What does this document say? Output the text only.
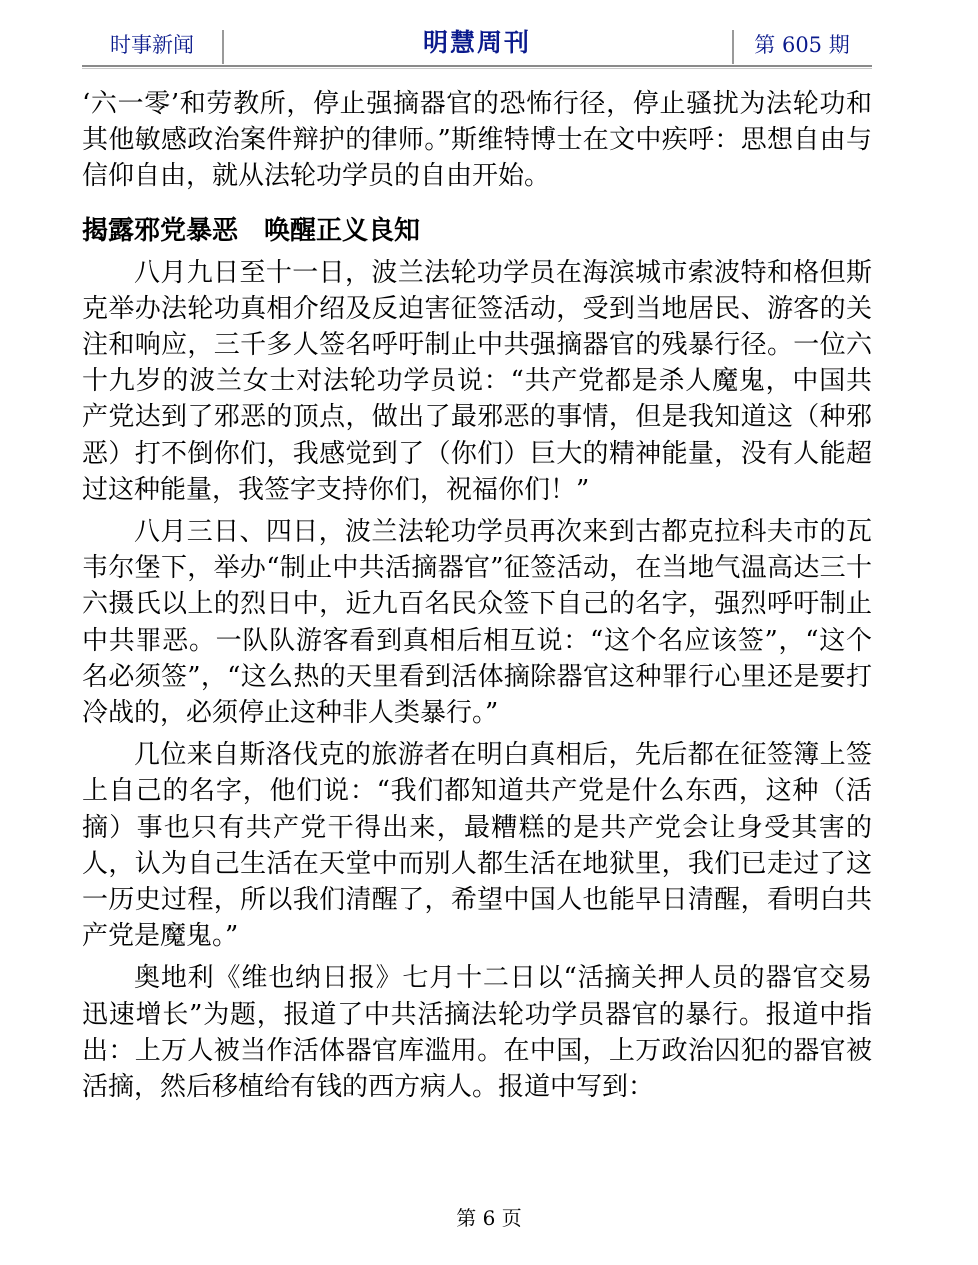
时事新闻	明慧周刊	第 605 期

‘六一零’和劳教所，停止强摘器官的恐怖行径，停止骚扰为法轮功和其他敏感政治案件辩护的律师。”斯维特博士在文中疾呼：思想自由与信仰自由，就从法轮功学员的自由开始。

揭露邪党暴恶　唤醒正义良知

八月九日至十一日，波兰法轮功学员在海滨城市索波特和格但斯克举办法轮功真相介绍及反迫害征签活动，受到当地居民、游客的关注和响应，三千多人签名呼吁制止中共强摘器官的残暴行径。一位六十九岁的波兰女士对法轮功学员说：“共产党都是杀人魔鬼，中国共产党达到了邪恶的顶点，做出了最邪恶的事情，但是我知道这（种邪恶）打不倒你们，我感觉到了（你们）巨大的精神能量，没有人能超过这种能量，我签字支持你们，祝福你们！”

八月三日、四日，波兰法轮功学员再次来到古都克拉科夫市的瓦韦尔堡下，举办“制止中共活摘器官”征签活动，在当地气温高达三十六摄氏以上的烈日中，近九百名民众签下自己的名字，强烈呼吁制止中共罪恶。一队队游客看到真相后相互说：“这个名应该签”，“这个名必须签”，“这么热的天里看到活体摘除器官这种罪行心里还是要打冷战的，必须停止这种非人类暴行。”

几位来自斯洛伐克的旅游者在明白真相后，先后都在征签簿上签上自己的名字，他们说：“我们都知道共产党是什么东西，这种（活摘）事也只有共产党干得出来，最糟糕的是共产党会让身受其害的人，认为自己生活在天堂中而别人都生活在地狱里，我们已走过了这一历史过程，所以我们清醒了，希望中国人也能早日清醒，看明白共产党是魔鬼。”

奥地利《维也纳日报》七月十二日以“活摘关押人员的器官交易迅速增长”为题，报道了中共活摘法轮功学员器官的暴行。报道中指出：上万人被当作活体器官库滥用。在中国，上万政治囚犯的器官被活摘，然后移植给有钱的西方病人。报道中写到：

第 6 页
